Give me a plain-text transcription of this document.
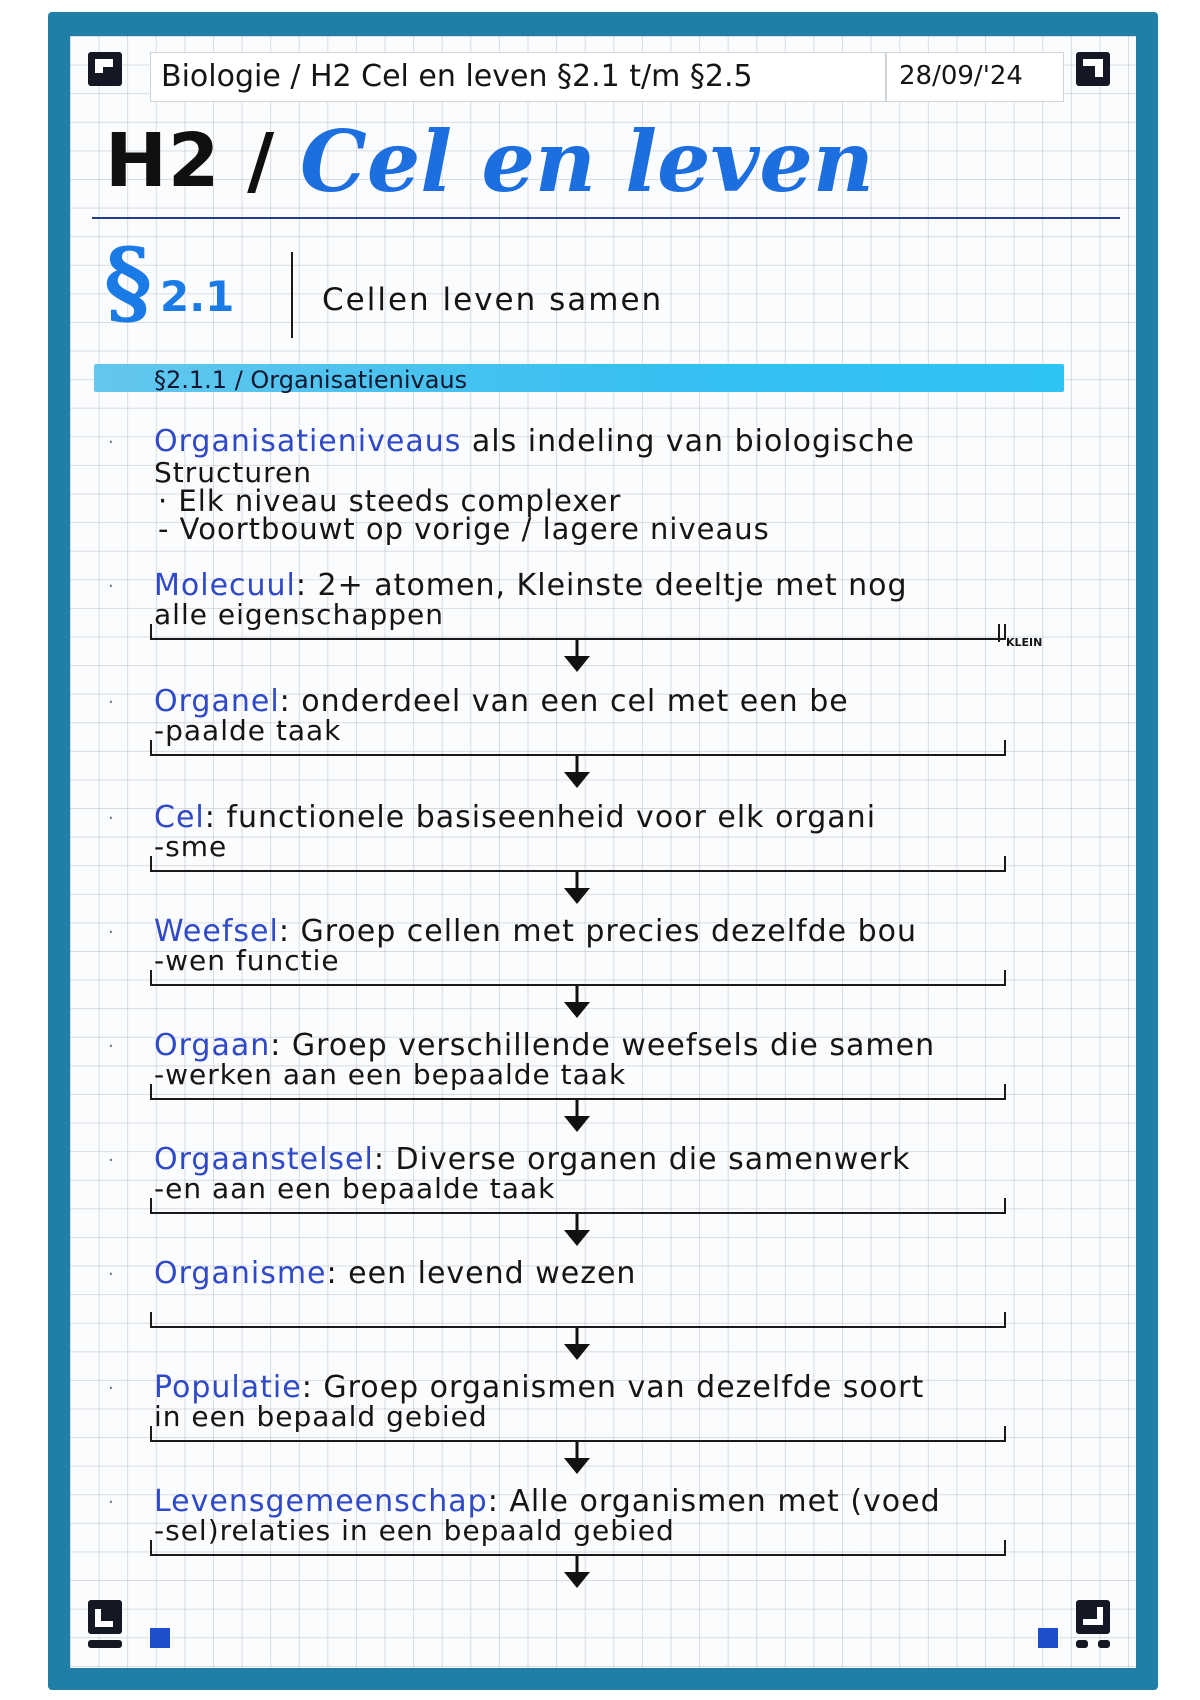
Biologie / H2 Cel en leven §2.1 t/m §2.5	28/09/'24
H2 / Cel en leven
§ 2.1	Cellen leven samen
§2.1.1 / Organisatienivaus
· Organisatieniveaus als indeling van biologische
Structuren
· Elk niveau steeds complexer
- Voortbouwt op vorige / lagere niveaus
KLEIN
· Molecuul: 2+ atomen, Kleinste deeltje met nog
alle eigenschappen
· Organel: onderdeel van een cel met een be
-paalde taak
· Cel: functionele basiseenheid voor elk organi
-sme
· Weefsel: Groep cellen met precies dezelfde bou
-wen functie
· Orgaan: Groep verschillende weefsels die samen
-werken aan een bepaalde taak
· Orgaanstelsel: Diverse organen die samenwerk
-en aan een bepaalde taak
· Organisme: een levend wezen
· Populatie: Groep organismen van dezelfde soort
in een bepaald gebied
· Levensgemeenschap: Alle organismen met (voed
-sel)relaties in een bepaald gebied
